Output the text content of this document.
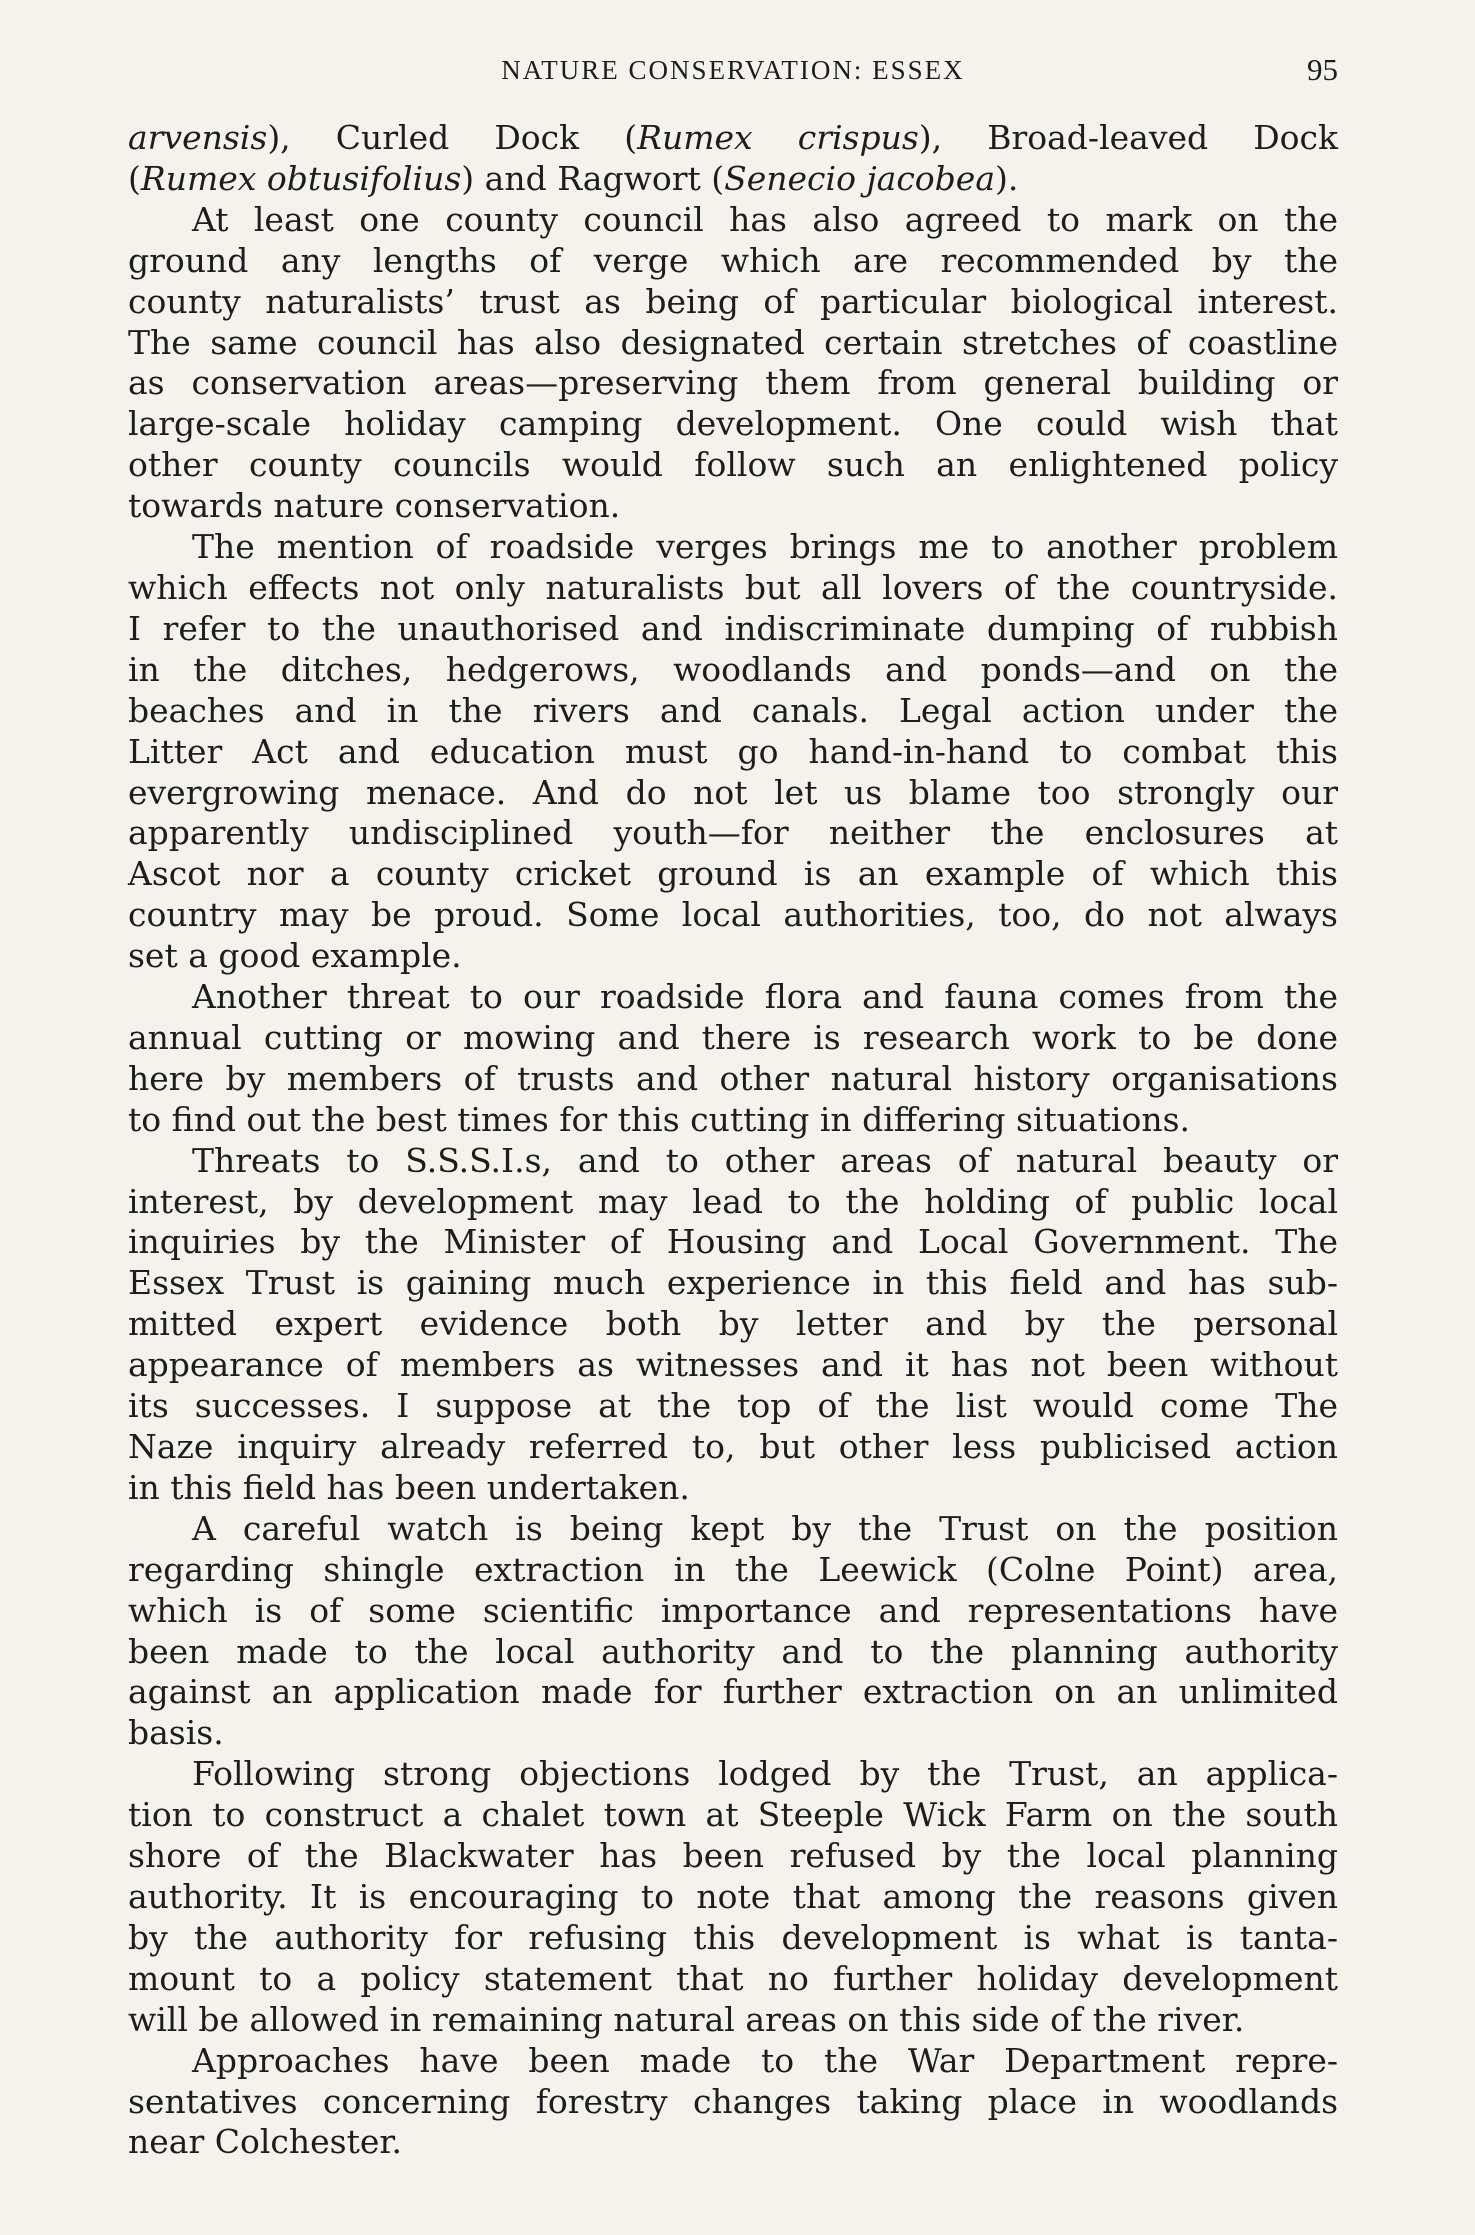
NATURE CONSERVATION: ESSEX	95
arvensis), Curled Dock (Rumex crispus), Broad-leaved Dock
(Rumex obtusifolius) and Ragwort (Senecio jacobea).
At least one county council has also agreed to mark on the
ground any lengths of verge which are recommended by the
county naturalists’ trust as being of particular biological interest.
The same council has also designated certain stretches of coastline
as conservation areas—preserving them from general building or
large-scale holiday camping development. One could wish that
other county councils would follow such an enlightened policy
towards nature conservation.
The mention of roadside verges brings me to another problem
which effects not only naturalists but all lovers of the countryside.
I refer to the unauthorised and indiscriminate dumping of rubbish
in the ditches, hedgerows, woodlands and ponds—and on the
beaches and in the rivers and canals. Legal action under the
Litter Act and education must go hand-in-hand to combat this
evergrowing menace. And do not let us blame too strongly our
apparently undisciplined youth—for neither the enclosures at
Ascot nor a county cricket ground is an example of which this
country may be proud. Some local authorities, too, do not always
set a good example.
Another threat to our roadside flora and fauna comes from the
annual cutting or mowing and there is research work to be done
here by members of trusts and other natural history organisations
to find out the best times for this cutting in differing situations.
Threats to S.S.S.I.s, and to other areas of natural beauty or
interest, by development may lead to the holding of public local
inquiries by the Minister of Housing and Local Government. The
Essex Trust is gaining much experience in this field and has sub-
mitted expert evidence both by letter and by the personal
appearance of members as witnesses and it has not been without
its successes. I suppose at the top of the list would come The
Naze inquiry already referred to, but other less publicised action
in this field has been undertaken.
A careful watch is being kept by the Trust on the position
regarding shingle extraction in the Leewick (Colne Point) area,
which is of some scientific importance and representations have
been made to the local authority and to the planning authority
against an application made for further extraction on an unlimited
basis.
Following strong objections lodged by the Trust, an applica-
tion to construct a chalet town at Steeple Wick Farm on the south
shore of the Blackwater has been refused by the local planning
authority. It is encouraging to note that among the reasons given
by the authority for refusing this development is what is tanta-
mount to a policy statement that no further holiday development
will be allowed in remaining natural areas on this side of the river.
Approaches have been made to the War Department repre-
sentatives concerning forestry changes taking place in woodlands
near Colchester.
